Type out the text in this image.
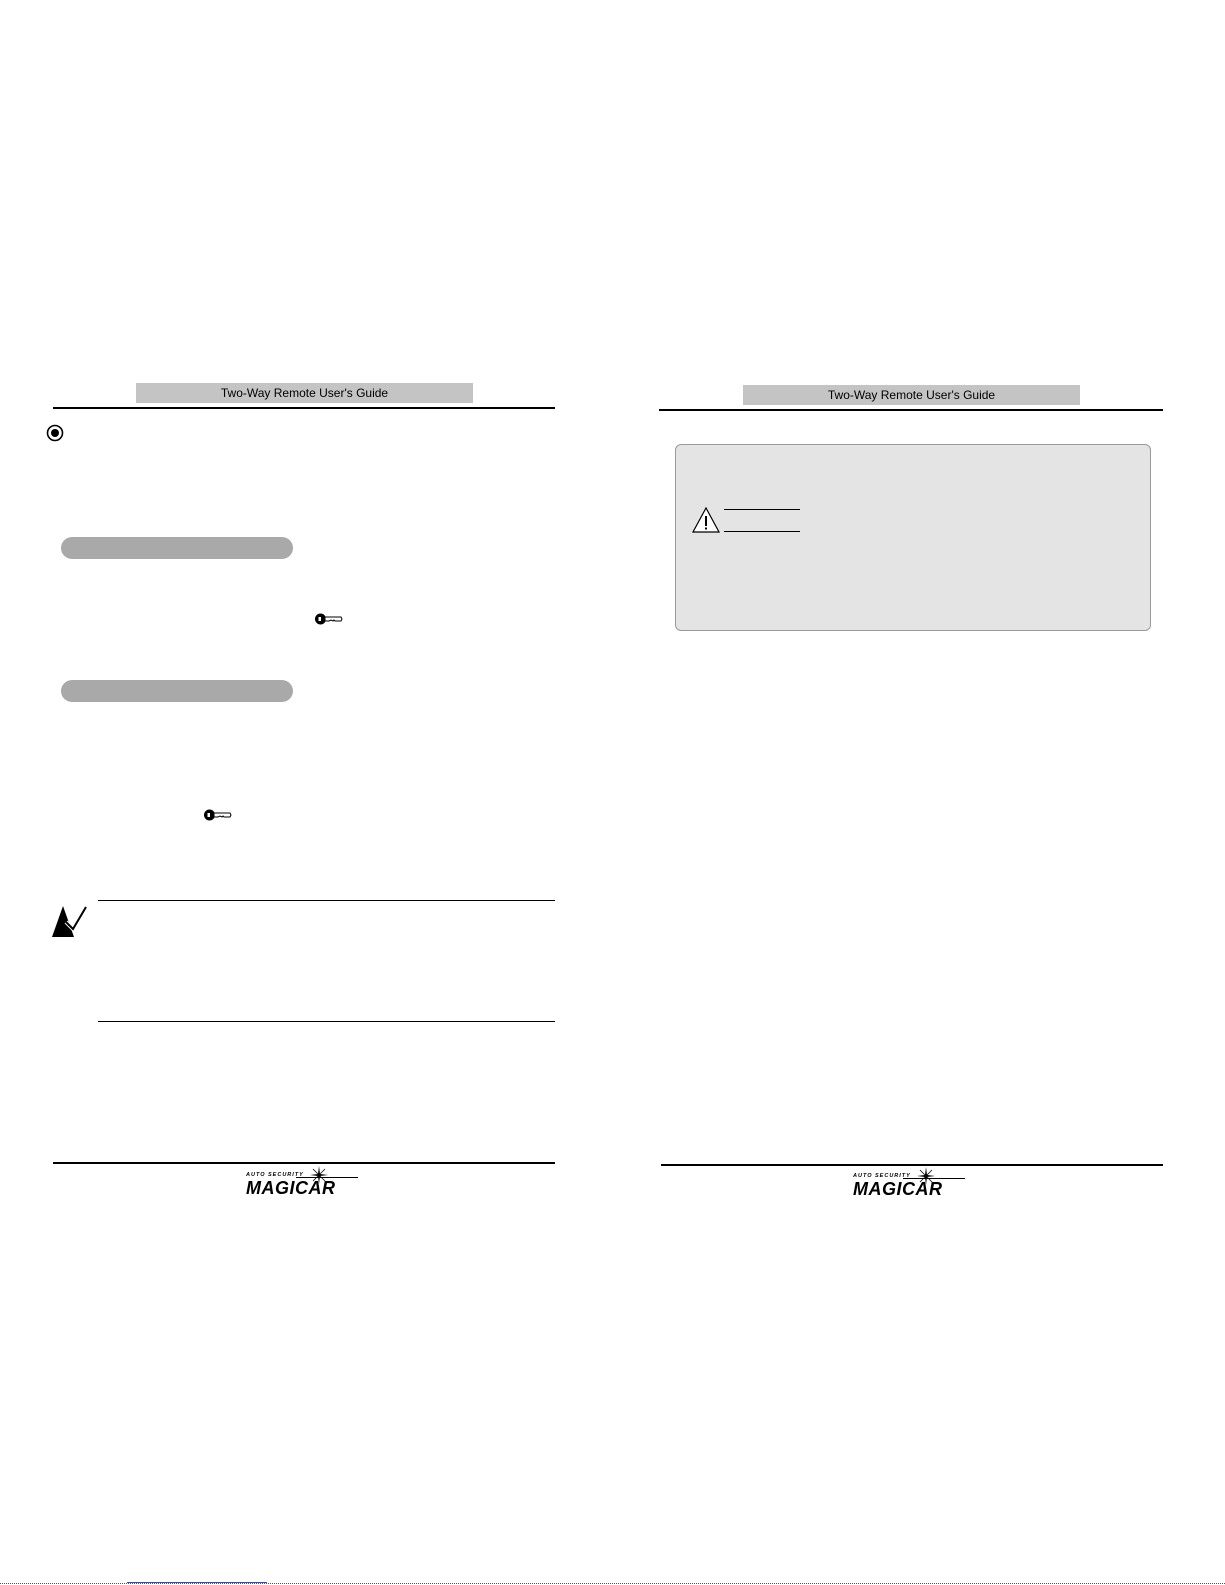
Two-Way Remote User's Guide
AUTO SECURITY
MAGICAR
Two-Way Remote User's Guide
AUTO SECURITY
MAGICAR
